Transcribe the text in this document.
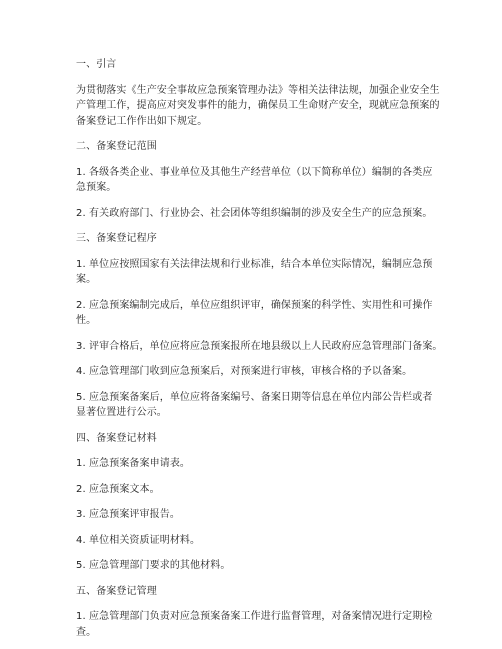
一、引言
为贯彻落实《生产安全事故应急预案管理办法》等相关法律法规，加强企业安全生
产管理工作，提高应对突发事件的能力，确保员工生命财产安全，现就应急预案的
备案登记工作作出如下规定。
二、备案登记范围
1. 各级各类企业、事业单位及其他生产经营单位（以下简称单位）编制的各类应
急预案。
2. 有关政府部门、行业协会、社会团体等组织编制的涉及安全生产的应急预案。
三、备案登记程序
1. 单位应按照国家有关法律法规和行业标准，结合本单位实际情况，编制应急预
案。
2. 应急预案编制完成后，单位应组织评审，确保预案的科学性、实用性和可操作
性。
3. 评审合格后，单位应将应急预案报所在地县级以上人民政府应急管理部门备案。
4. 应急管理部门收到应急预案后，对预案进行审核，审核合格的予以备案。
5. 应急预案备案后，单位应将备案编号、备案日期等信息在单位内部公告栏或者
显著位置进行公示。
四、备案登记材料
1. 应急预案备案申请表。
2. 应急预案文本。
3. 应急预案评审报告。
4. 单位相关资质证明材料。
5. 应急管理部门要求的其他材料。
五、备案登记管理
1. 应急管理部门负责对应急预案备案工作进行监督管理，对备案情况进行定期检
查。
